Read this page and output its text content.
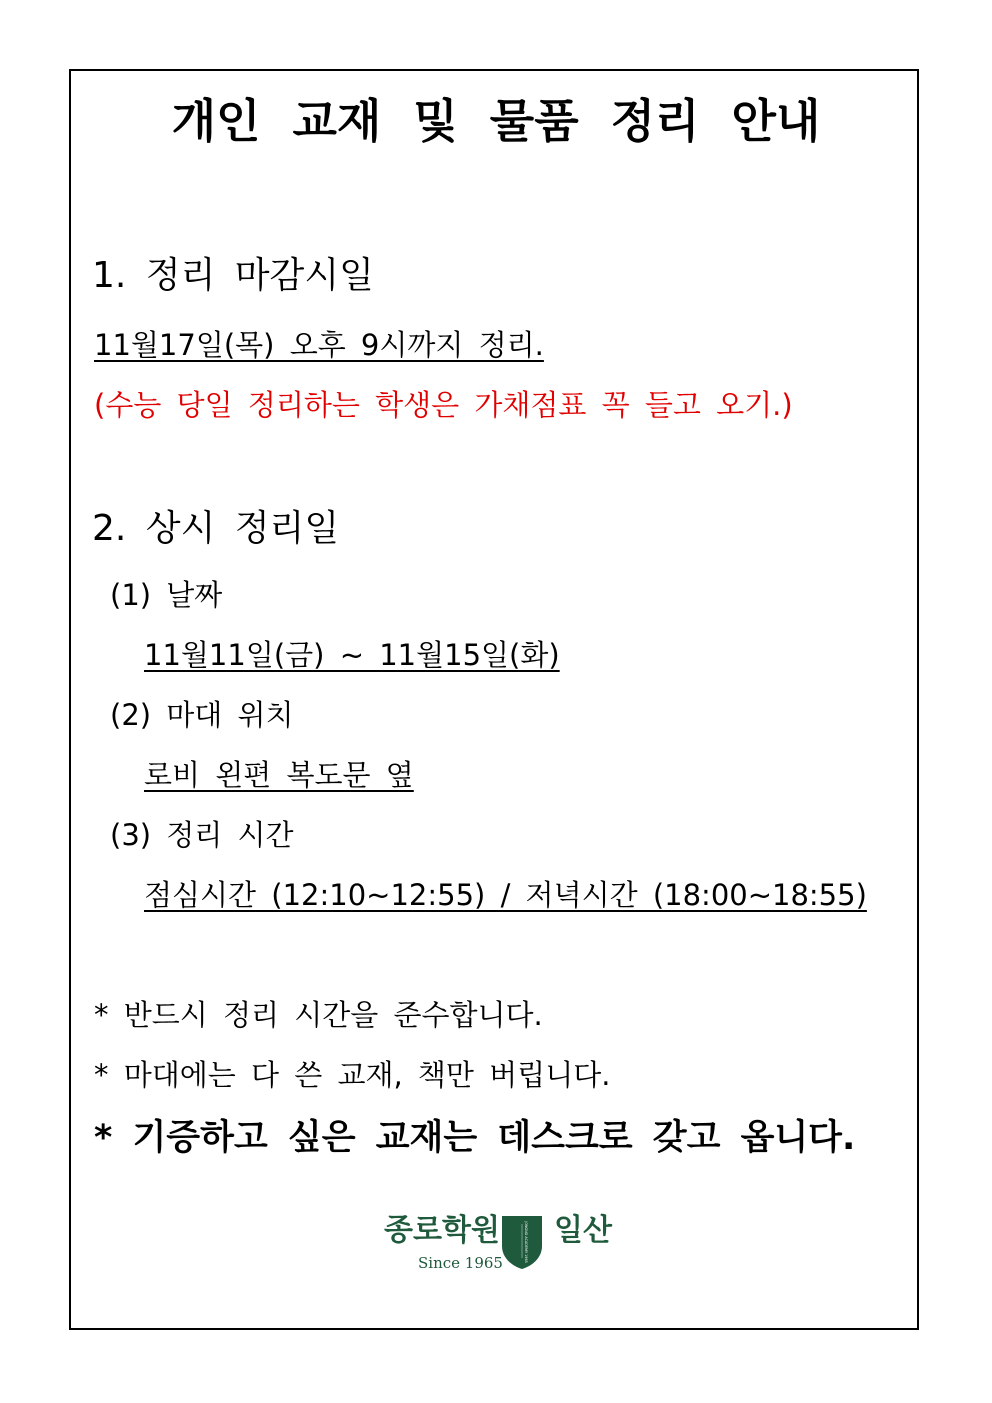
개인 교재 및 물품 정리 안내
1. 정리 마감시일
11월17일(목) 오후 9시까지 정리.
(수능 당일 정리하는 학생은 가채점표 꼭 들고 오기.)
2. 상시 정리일
(1) 날짜
11월11일(금) ~ 11월15일(화)
(2) 마대 위치
로비 왼편 복도문 옆
(3) 정리 시간
점심시간 (12:10~12:55) / 저녁시간 (18:00~18:55)
* 반드시 정리 시간을 준수합니다.
* 마대에는 다 쓴 교재, 책만 버립니다.
* 기증하고 싶은 교재는 데스크로 갖고 옵니다.
종로학원
Since 1965
JONGNO ACADEMY 1965 일산
